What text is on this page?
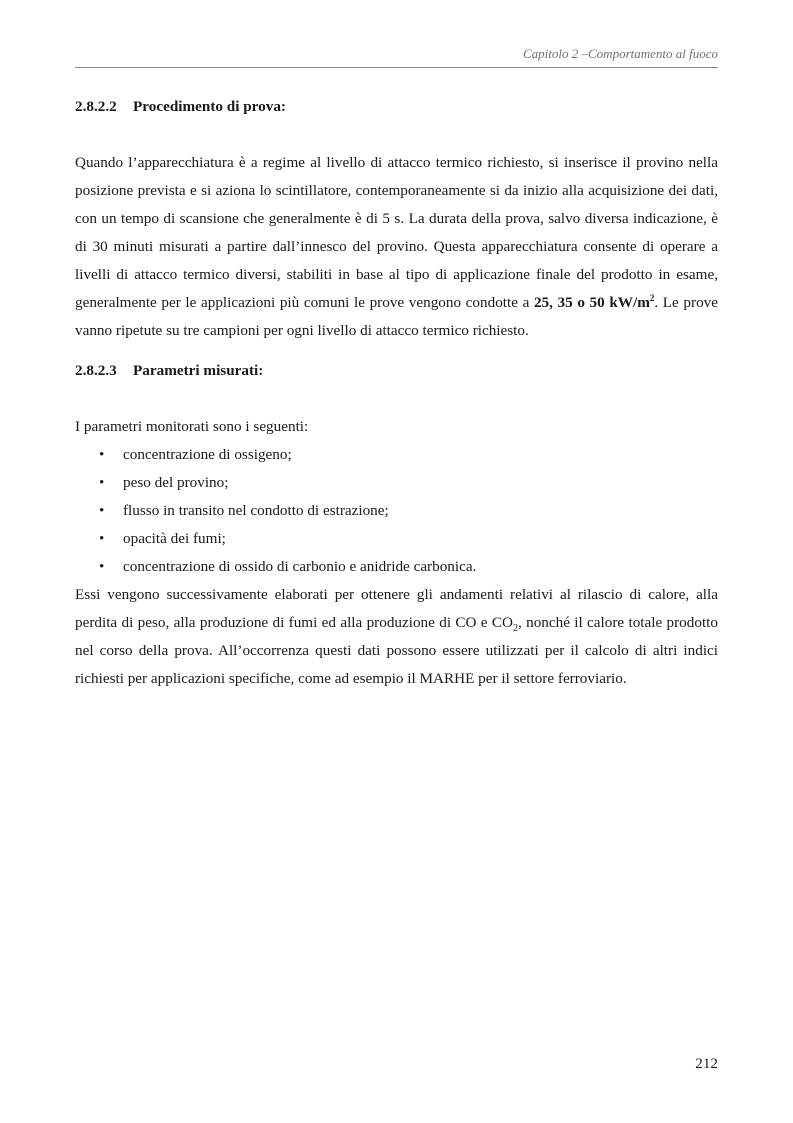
Capitolo 2 –Comportamento al fuoco
2.8.2.2 Procedimento di prova:

Quando l’apparecchiatura è a regime al livello di attacco termico richiesto, si inserisce il provino nella posizione prevista e si aziona lo scintillatore, contemporaneamente si da inizio alla acquisizione dei dati, con un tempo di scansione che generalmente è di 5 s. La durata della prova, salvo diversa indicazione, è di 30 minuti misurati a partire dall’innesco del provino. Questa apparecchiatura consente di operare a livelli di attacco termico diversi, stabiliti in base al tipo di applicazione finale del prodotto in esame, generalmente per le applicazioni più comuni le prove vengono condotte a 25, 35 o 50 $kW/m^2$. Le prove vanno ripetute su tre campioni per ogni livello di attacco termico richiesto.

2.8.2.3 Parametri misurati:

I parametri monitorati sono i seguenti:

• concentrazione di ossigeno;
• peso del provino;
• flusso in transito nel condotto di estrazione;
• opacità dei fumi;
• concentrazione di ossido di carbonio e anidride carbonica.

Essi vengono successivamente elaborati per ottenere gli andamenti relativi al rilascio di calore, alla perdita di peso, alla produzione di fumi ed alla produzione di CO e $CO_2$, nonché il calore totale prodotto nel corso della prova. All’occorrenza questi dati possono essere utilizzati per il calcolo di altri indici richiesti per applicazioni specifiche, come ad esempio il MARHE per il settore ferroviario.

212
